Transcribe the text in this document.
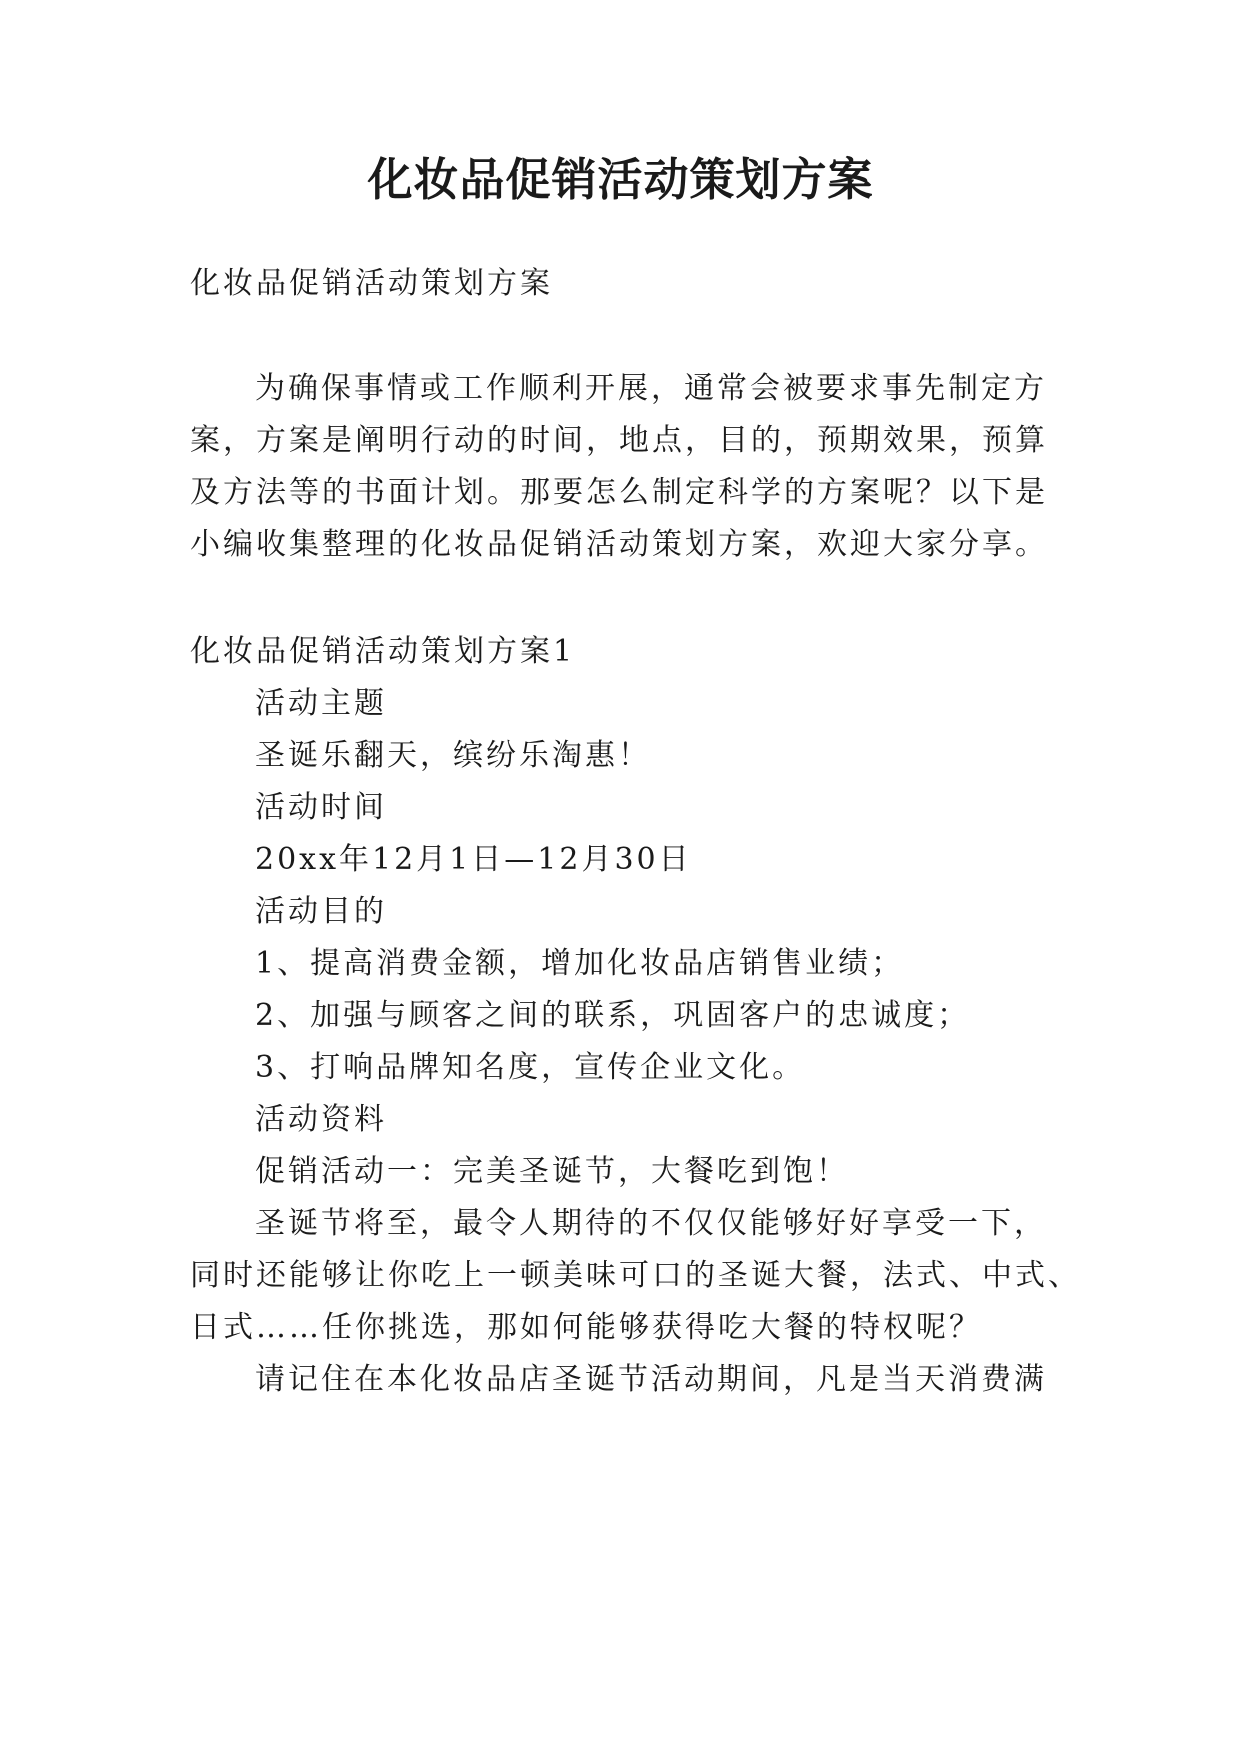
化妆品促销活动策划方案

化妆品促销活动策划方案

为确保事情或工作顺利开展，通常会被要求事先制定方

案，方案是阐明行动的时间，地点，目的，预期效果，预算

及方法等的书面计划。那要怎么制定科学的方案呢？以下是

小编收集整理的化妆品促销活动策划方案，欢迎大家分享。

化妆品促销活动策划方案1

活动主题

圣诞乐翻天，缤纷乐淘惠！

活动时间

20xx年12月1日—12月30日

活动目的

1、提高消费金额，增加化妆品店销售业绩；

2、加强与顾客之间的联系，巩固客户的忠诚度；

3、打响品牌知名度，宣传企业文化。

活动资料

促销活动一：完美圣诞节，大餐吃到饱！

圣诞节将至，最令人期待的不仅仅能够好好享受一下，

同时还能够让你吃上一顿美味可口的圣诞大餐，法式、中式、

日式……任你挑选，那如何能够获得吃大餐的特权呢？

请记住在本化妆品店圣诞节活动期间，凡是当天消费满
